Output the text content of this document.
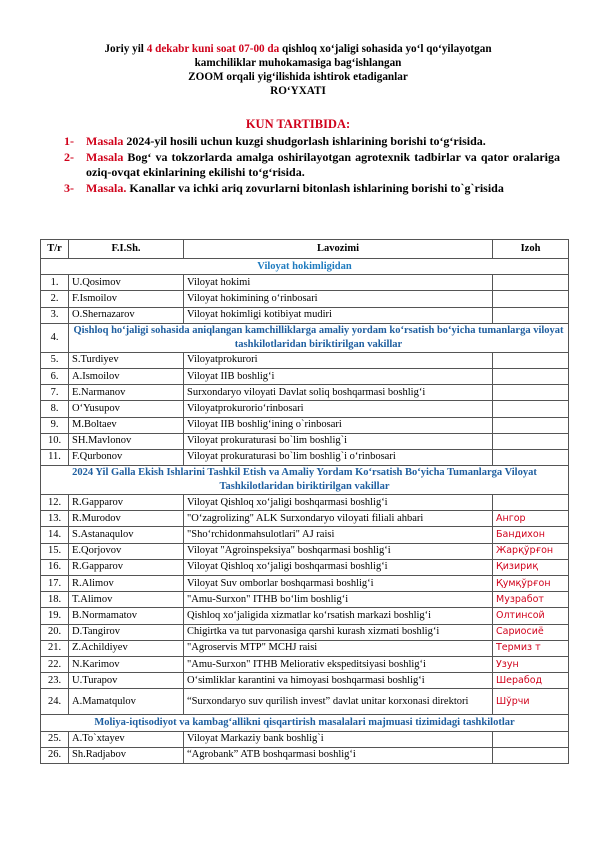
Joriy yil 4 dekabr kuni soat 07-00 da qishloq xo‘jaligi sohasida yo‘l qo‘yilayotgan
kamchiliklar muhokamasiga bag‘ishlangan
ZOOM orqali yig‘ilishida ishtirok etadiganlar
RO‘YXATI
KUN TARTIBIDA:
1- Masala 2024-yil hosili uchun kuzgi shudgorlash ishlarining borishi to‘g‘risida.
2- Masala Bog‘ va tokzorlarda amalga oshirilayotgan agrotexnik tadbirlar va qator oralariga oziq-ovqat ekinlarining ekilishi to‘g‘risida.
3- Masala. Kanallar va ichki ariq zovurlarni bitonlash ishlarining borishi to`g`risida
T/r	F.I.Sh.	Lavozimi	Izoh
Viloyat hokimligidan			
1.	U.Qosimov	Viloyat hokimi	
2.	F.Ismoilov	Viloyat hokimining o‘rinbosari	
3.	O.Shernazarov	Viloyat hokimligi kotibiyat mudiri	
4.	Qishloq ho‘jaligi sohasida aniqlangan kamchilliklarga amaliy yordam ko‘rsatish bo‘yicha tumanlarga viloyat tashkilotlaridan biriktirilgan vakillar		
5.	S.Turdiyev	Viloyatprokurori	
6.	A.Ismoilov	Viloyat IIB boshlig‘i	
7.	E.Narmanov	Surxondaryo viloyati Davlat soliq boshqarmasi boshlig‘i	
8.	O‘Yusupov	Viloyatprokurorio‘rinbosari	
9.	M.Boltaev	Viloyat IIB boshlig‘ining o`rinbosari	
10.	SH.Mavlonov	Viloyat prokuraturasi bo`lim boshlig`i	
11.	F.Qurbonov	Viloyat prokuraturasi bo`lim boshlig`i o‘rinbosari	
2024 Yil Galla Ekish Ishlarini Tashkil Etish va Amaliy Yordam Ko‘rsatish Bo‘yicha Tumanlarga Viloyat Tashkilotlaridan biriktirilgan vakillar			
12.	R.Gapparov	Viloyat Qishloq xo‘jaligi boshqarmasi boshlig‘i	
13.	R.Murodov	"O‘zagrolizing" ALK Surxondaryo viloyati filiali ahbari	Ангор
14.	S.Astanaqulov	"Sho‘rchidonmahsulotlari" AJ raisi	Бандихон
15.	E.Qorjovov	Viloyat "Agroinspeksiya" boshqarmasi boshlig‘i	Жарқўрғон
16.	R.Gapparov	Viloyat Qishloq xo‘jaligi boshqarmasi boshlig‘i	Қизириқ
17.	R.Alimov	Viloyat Suv omborlar boshqarmasi boshlig‘i	Қумқўрғон
18.	T.Alimov	"Amu-Surxon" ITHB bo‘lim boshlig‘i	Музработ
19.	B.Normamatov	Qishloq xo‘jaligida xizmatlar ko‘rsatish markazi boshlig‘i	Олтинсой
20.	D.Tangirov	Chigirtka va tut parvonasiga qarshi kurash xizmati boshlig‘i	Сариосиё
21.	Z.Achildiyev	"Agroservis MTP" MCHJ raisi	Термиз т
22.	N.Karimov	"Amu-Surxon" ITHB Meliorativ ekspeditsiyasi boshlig‘i	Узун
23.	U.Turapov	O‘simliklar karantini va himoyasi boshqarmasi boshlig‘i	Шерабод
24.	A.Mamatqulov	“Surxondaryo suv qurilish invest” davlat unitar korxonasi direktori	Шўрчи
Moliya-iqtisodiyot va kambag‘allikni qisqartirish masalalari majmuasi tizimidagi tashkilotlar			
25.	A.To`xtayev	Viloyat Markaziy bank boshlig`i	
26.	Sh.Radjabov	“Agrobank” ATB boshqarmasi boshlig‘i	
